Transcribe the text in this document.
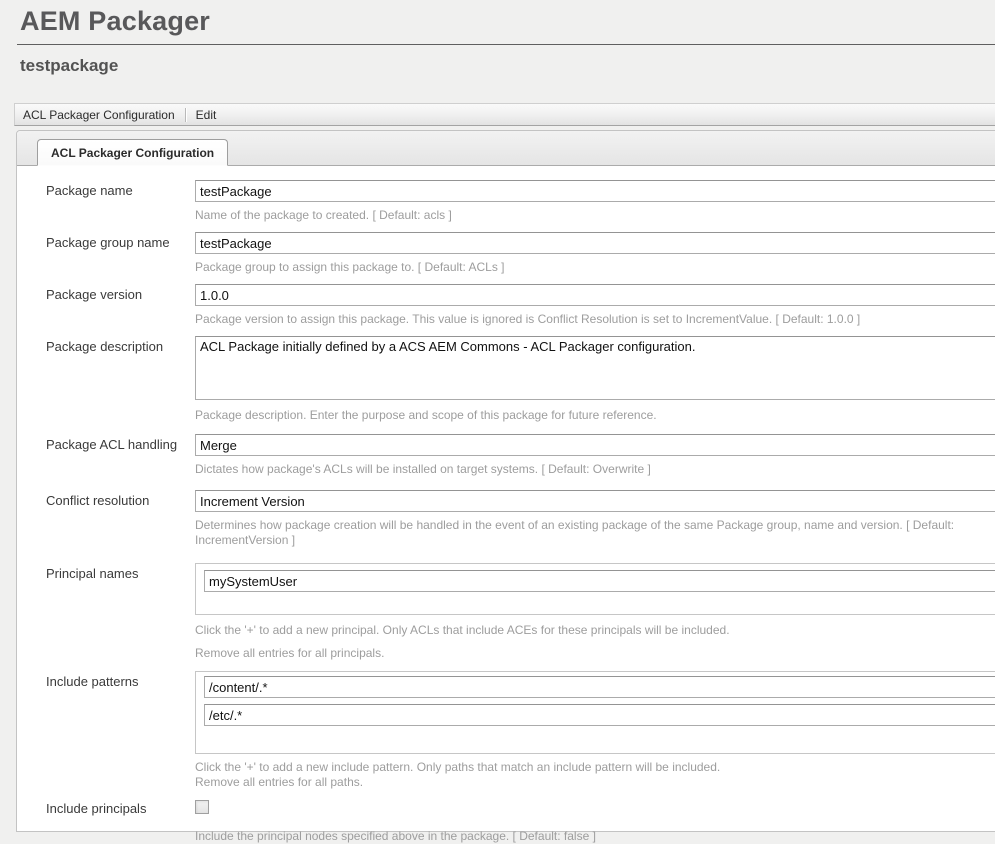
AEM Packager
testpackage
ACL Packager Configuration	Edit
ACL Packager Configuration
Package name
testPackage
Name of the package to created. [ Default: acls ]
Package group name
testPackage
Package group to assign this package to. [ Default: ACLs ]
Package version
1.0.0
Package version to assign this package. This value is ignored is Conflict Resolution is set to IncrementValue. [ Default: 1.0.0 ]
Package description
ACL Package initially defined by a ACS AEM Commons - ACL Packager configuration.
Package description. Enter the purpose and scope of this package for future reference.
Package ACL handling
Merge
Dictates how package's ACLs will be installed on target systems. [ Default: Overwrite ]
Conflict resolution
Increment Version
Determines how package creation will be handled in the event of an existing package of the same Package group, name and version. [ Default: IncrementVersion ]
Principal names
mySystemUser
Click the '+' to add a new principal. Only ACLs that include ACEs for these principals will be included.
Remove all entries for all principals.
Include patterns
/content/.*
/etc/.*
Click the '+' to add a new include pattern. Only paths that match an include pattern will be included.
Remove all entries for all paths.
Include principals
Include the principal nodes specified above in the package. [ Default: false ]
